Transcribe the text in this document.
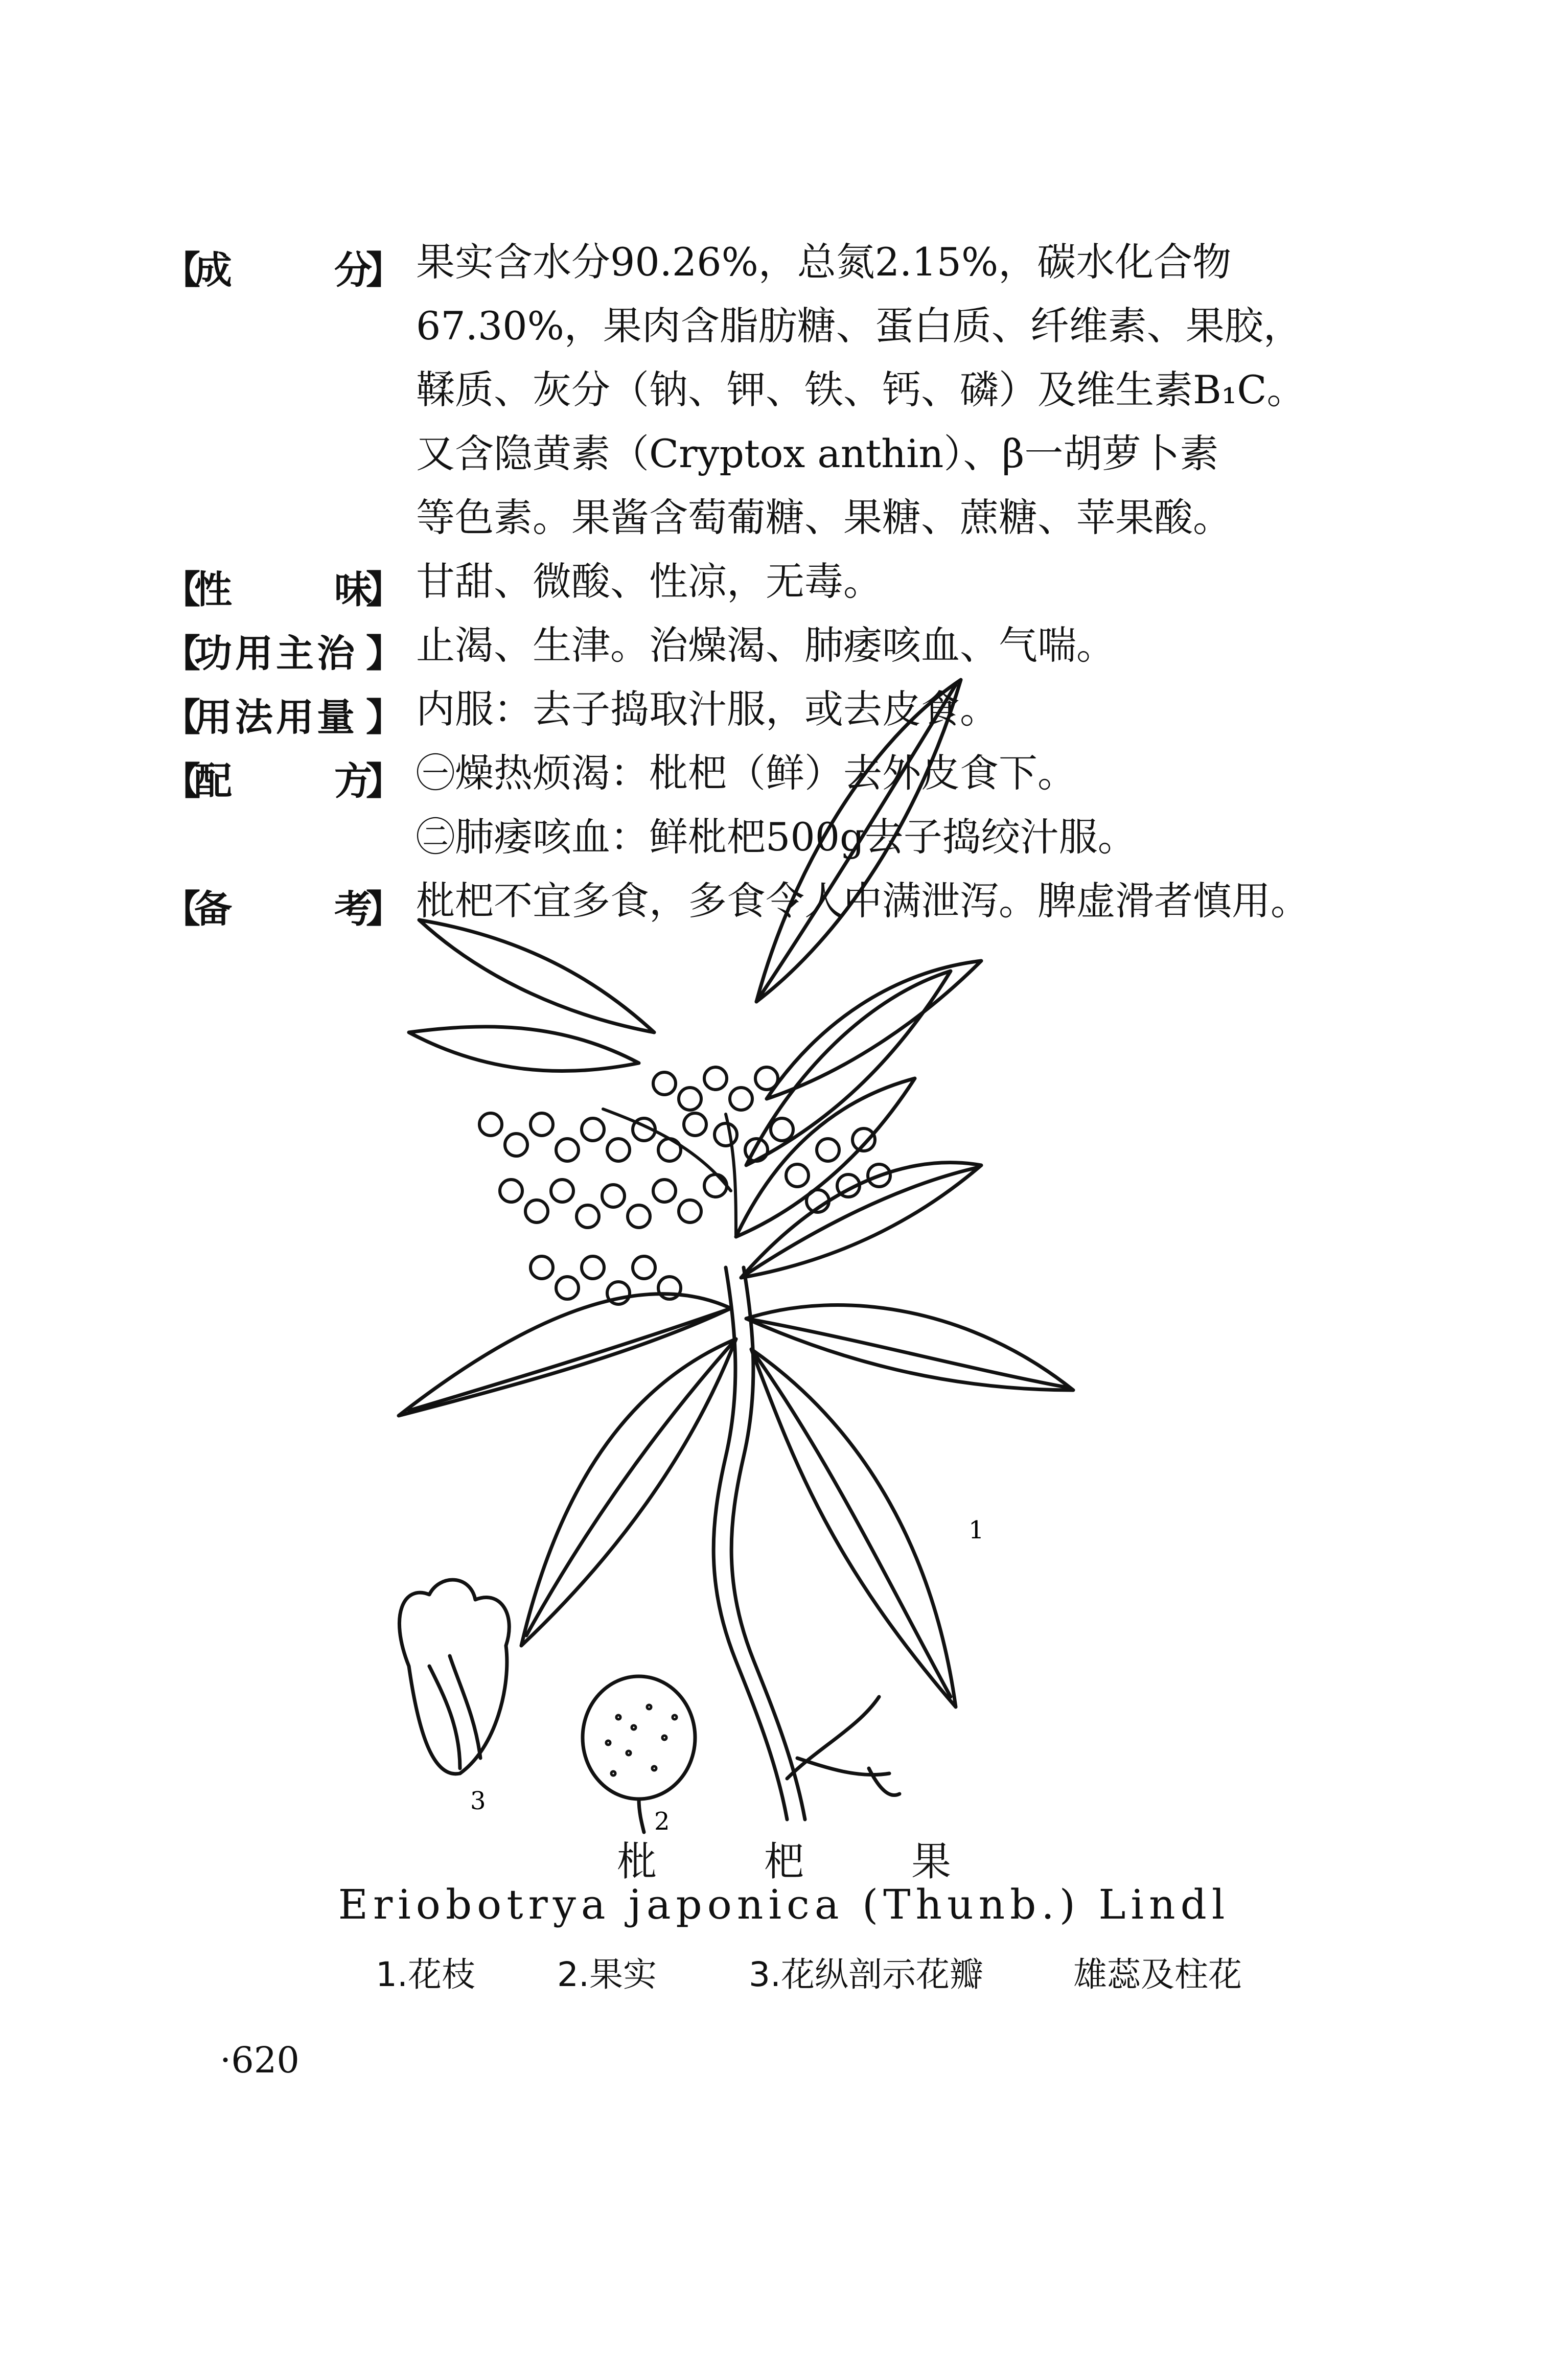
【
成	分
】 果实含水分90.26%，总氮2.15%，碳水化合物
67.30%，果肉含脂肪糖、蛋白质、纤维素、果胶，
鞣质、灰分（钠、钾、铁、钙、磷）及维生素B₁C。
又含隐黄素（Cryptox anthin）、β一胡萝卜素
等色素。果酱含萄葡糖、果糖、蔗糖、苹果酸。
【
性	味
】 甘甜、微酸、性凉，无毒。
【
功用主治 】 止渴、生津。治燥渴、肺痿咳血、气喘。
【
用法用量 】 内服：去子捣取汁服，或去皮食。
【
配	方
】 ㊀燥热烦渴：枇杷（鲜）去外皮食下。
㊁肺痿咳血：鲜枇杷500g去子捣绞汁服。
【
备	考
】 枇杷不宜多食，多食令人中满泄泻。脾虚滑者慎用。
1
2
3
枇杷果
Eriobotrya japonica (Thunb.) Lindl
1.花枝 2.果实	3.花纵剖示花瓣	雄蕊及柱花
·620
